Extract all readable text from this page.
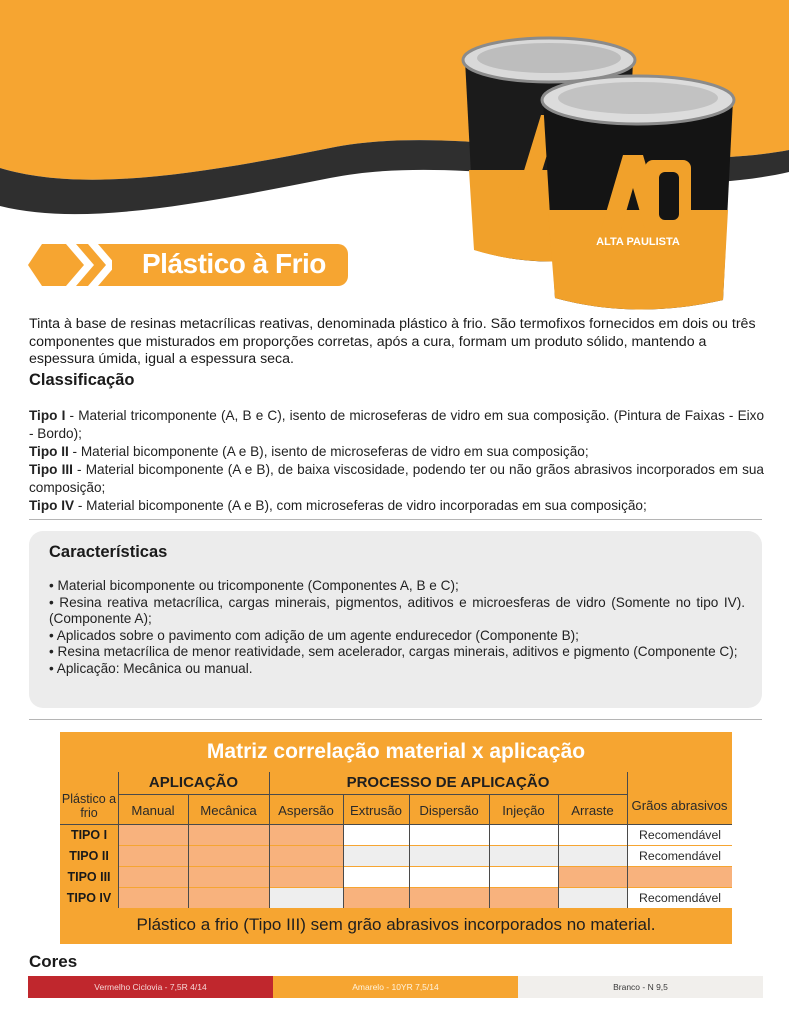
ALTA PAULISTA
Plástico à Frio
Tinta à base de resinas metacrílicas reativas, denominada plástico à frio. São termofixos fornecidos em dois ou três componentes que misturados em proporções corretas, após a cura, formam um produto sólido, mantendo a espessura úmida, igual a espessura seca.
Classificação

Tipo I - Material tricomponente (A, B e C), isento de microseferas de vidro em sua composição. (Pintura de Faixas - Eixo - Bordo);

Tipo II - Material bicomponente (A e B), isento de microseferas de vidro em sua composição;

Tipo III - Material bicomponente (A e B), de baixa viscosidade, podendo ter ou não grãos abrasivos incorporados em sua composição;

Tipo IV - Material bicomponente (A e B), com microseferas de vidro incorporadas em sua composição;

Características

• Material bicomponente ou tricomponente (Componentes A, B e C);

• Resina reativa metacrílica, cargas minerais, pigmentos, aditivos e microesferas de vidro (Somente no tipo IV). (Componente A);

• Aplicados sobre o pavimento com adição de um agente endurecedor (Componente B);

• Resina metacrílica de menor reatividade, sem acelerador, cargas minerais, aditivos e pigmento (Componente C);

• Aplicação: Mecânica ou manual.

Matriz correlação material x aplicação
APLICAÇÃO	PROCESSO DE APLICAÇÃO
Plástico a frio	Manual	Mecânica	Aspersão	Extrusão	Dispersão	Injeção	Arraste	Grãos abrasivos
TIPO I	Recomendável
TIPO II	Recomendável
TIPO III
TIPO IV	Recomendável
Plástico a frio (Tipo III) sem grão abrasivos incorporados no material.
Cores
Vermelho Ciclovia - 7,5R 4/14	Amarelo - 10YR 7,5/14	Branco - N 9,5
